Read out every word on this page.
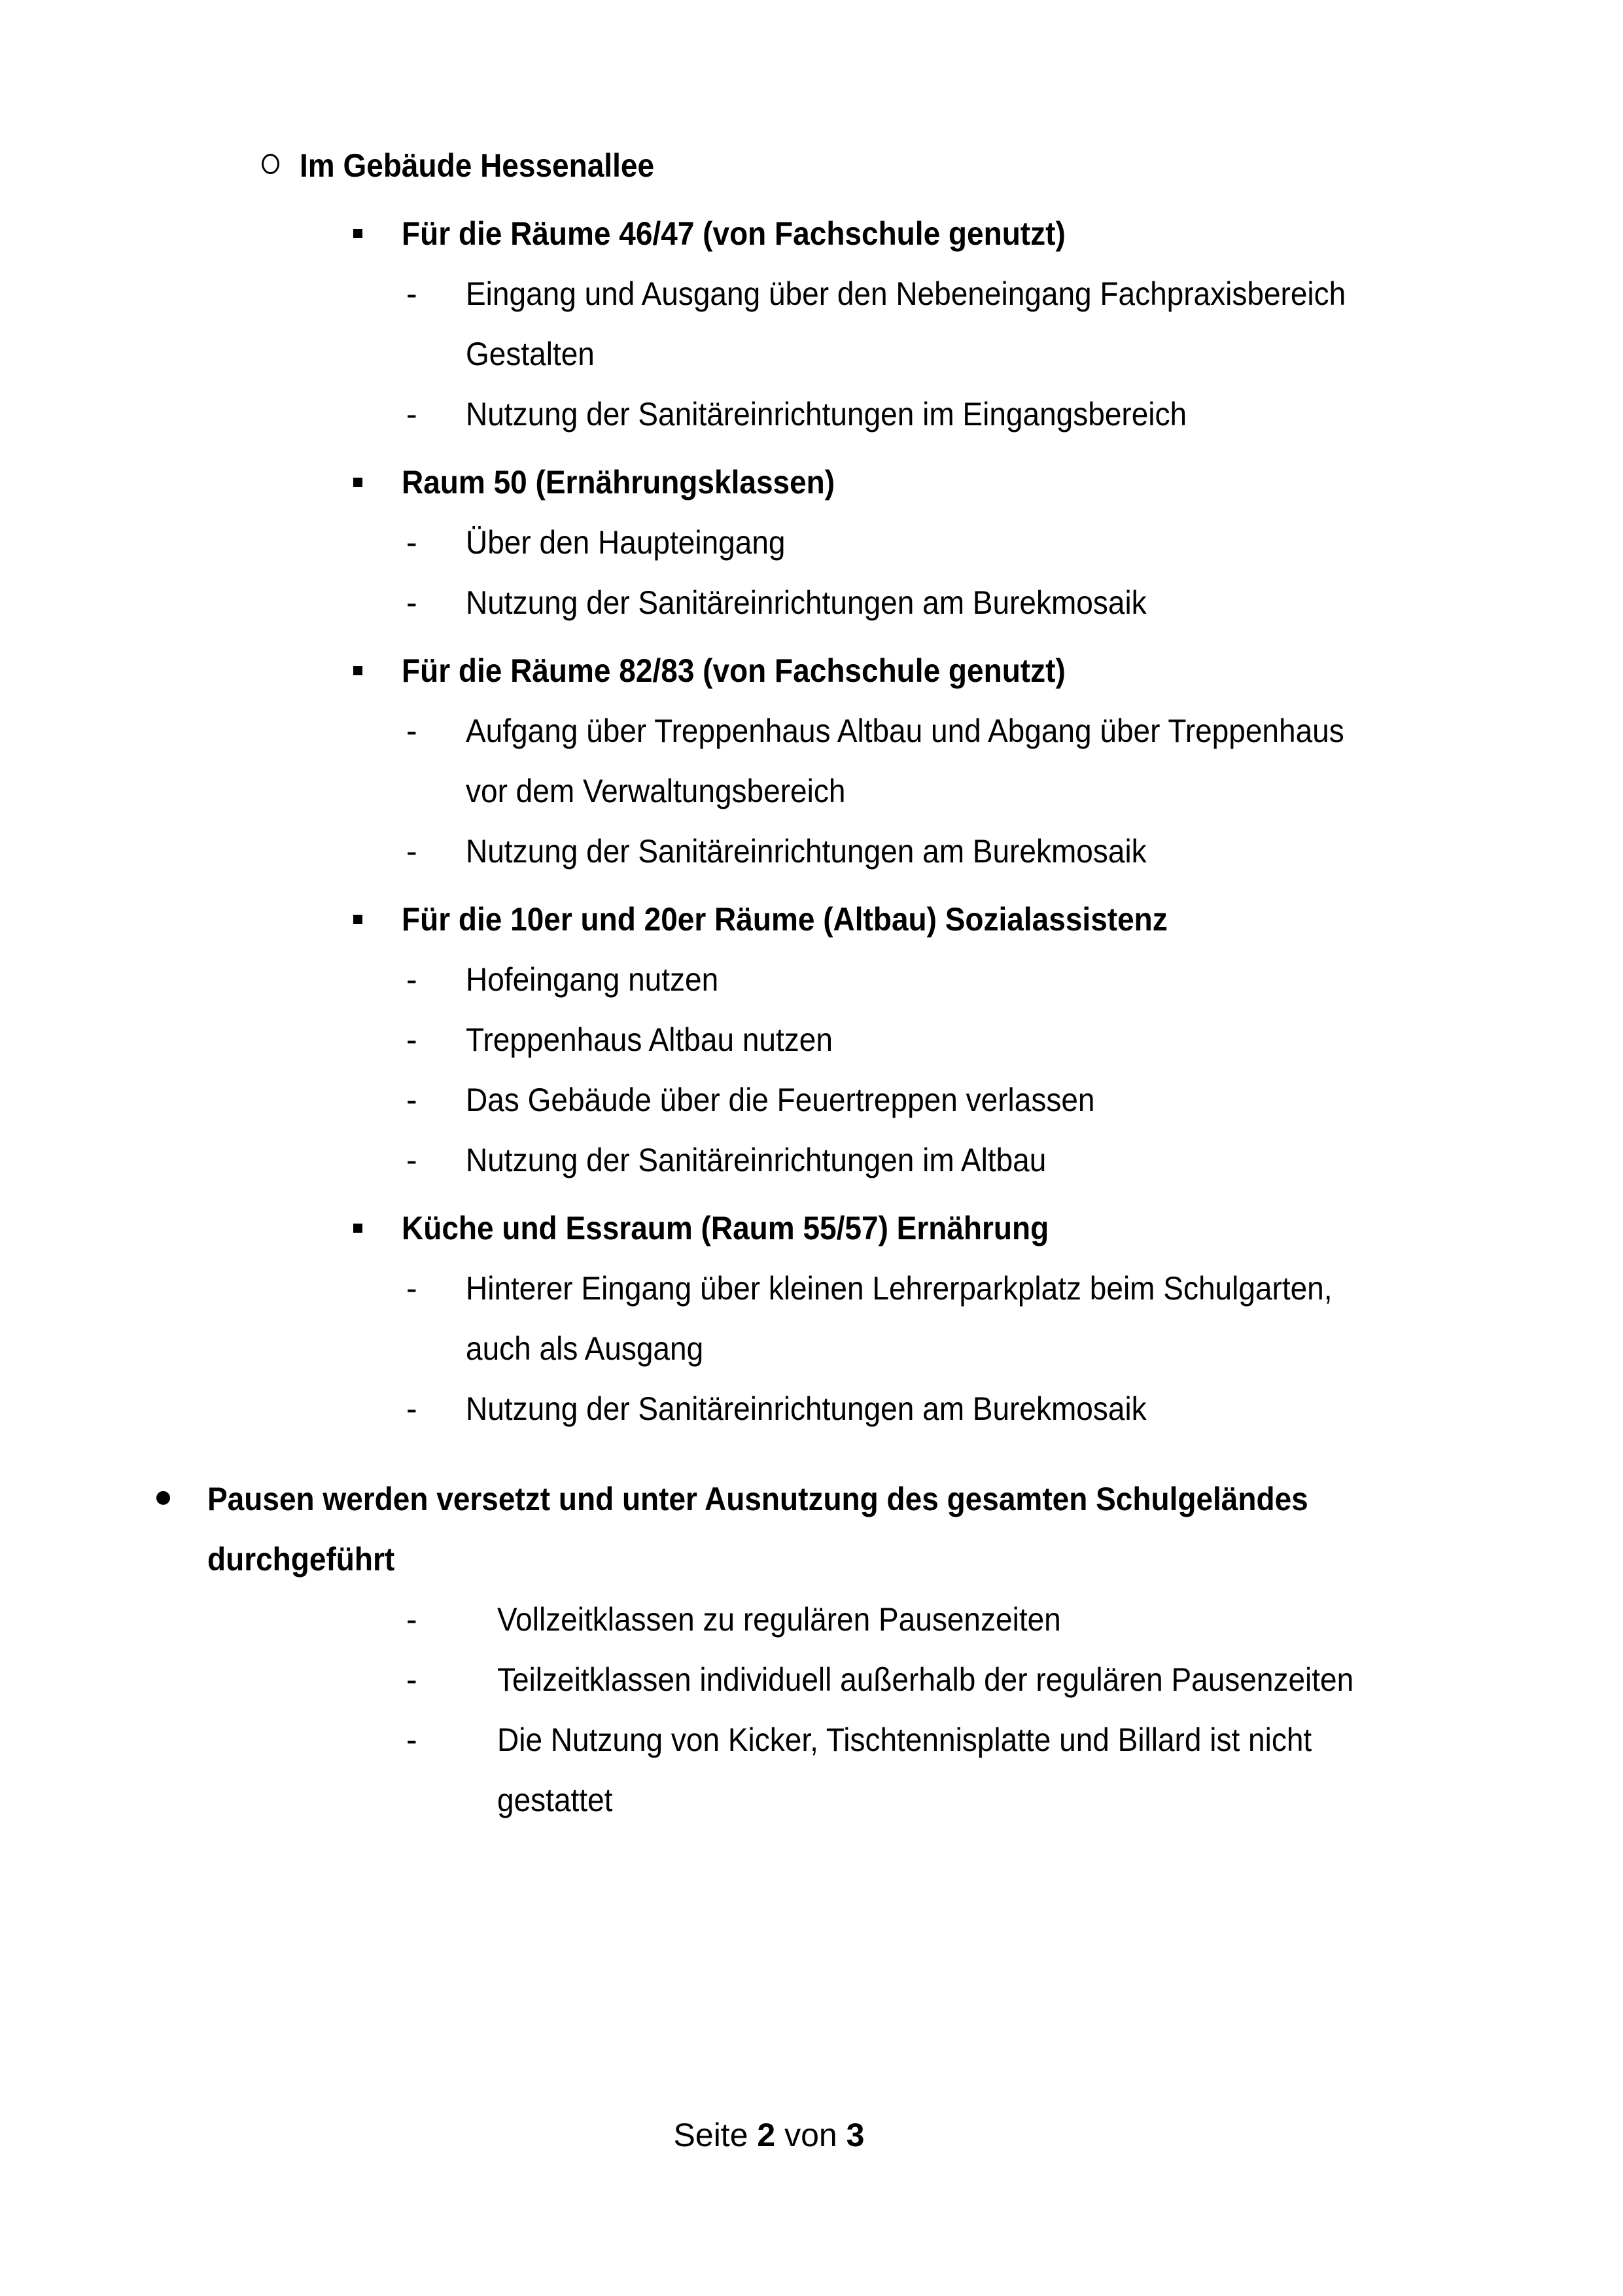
Im Gebäude Hessenallee
Für die Räume 46/47 (von Fachschule genutzt)
- Eingang und Ausgang über den Nebeneingang Fachpraxisbereich
Gestalten
- Nutzung der Sanitäreinrichtungen im Eingangsbereich
Raum 50 (Ernährungsklassen)
- Über den Haupteingang
- Nutzung der Sanitäreinrichtungen am Burekmosaik
Für die Räume 82/83 (von Fachschule genutzt)
- Aufgang über Treppenhaus Altbau und Abgang über Treppenhaus
vor dem Verwaltungsbereich
- Nutzung der Sanitäreinrichtungen am Burekmosaik
Für die 10er und 20er Räume (Altbau) Sozialassistenz
- Hofeingang nutzen
- Treppenhaus Altbau nutzen
- Das Gebäude über die Feuertreppen verlassen
- Nutzung der Sanitäreinrichtungen im Altbau
Küche und Essraum (Raum 55/57) Ernährung
- Hinterer Eingang über kleinen Lehrerparkplatz beim Schulgarten,
auch als Ausgang
- Nutzung der Sanitäreinrichtungen am Burekmosaik
Pausen werden versetzt und unter Ausnutzung des gesamten Schulgeländes
durchgeführt
- Vollzeitklassen zu regulären Pausenzeiten
- Teilzeitklassen individuell außerhalb der regulären Pausenzeiten
- Die Nutzung von Kicker, Tischtennisplatte und Billard ist nicht
gestattet
Seite 2 von 3
